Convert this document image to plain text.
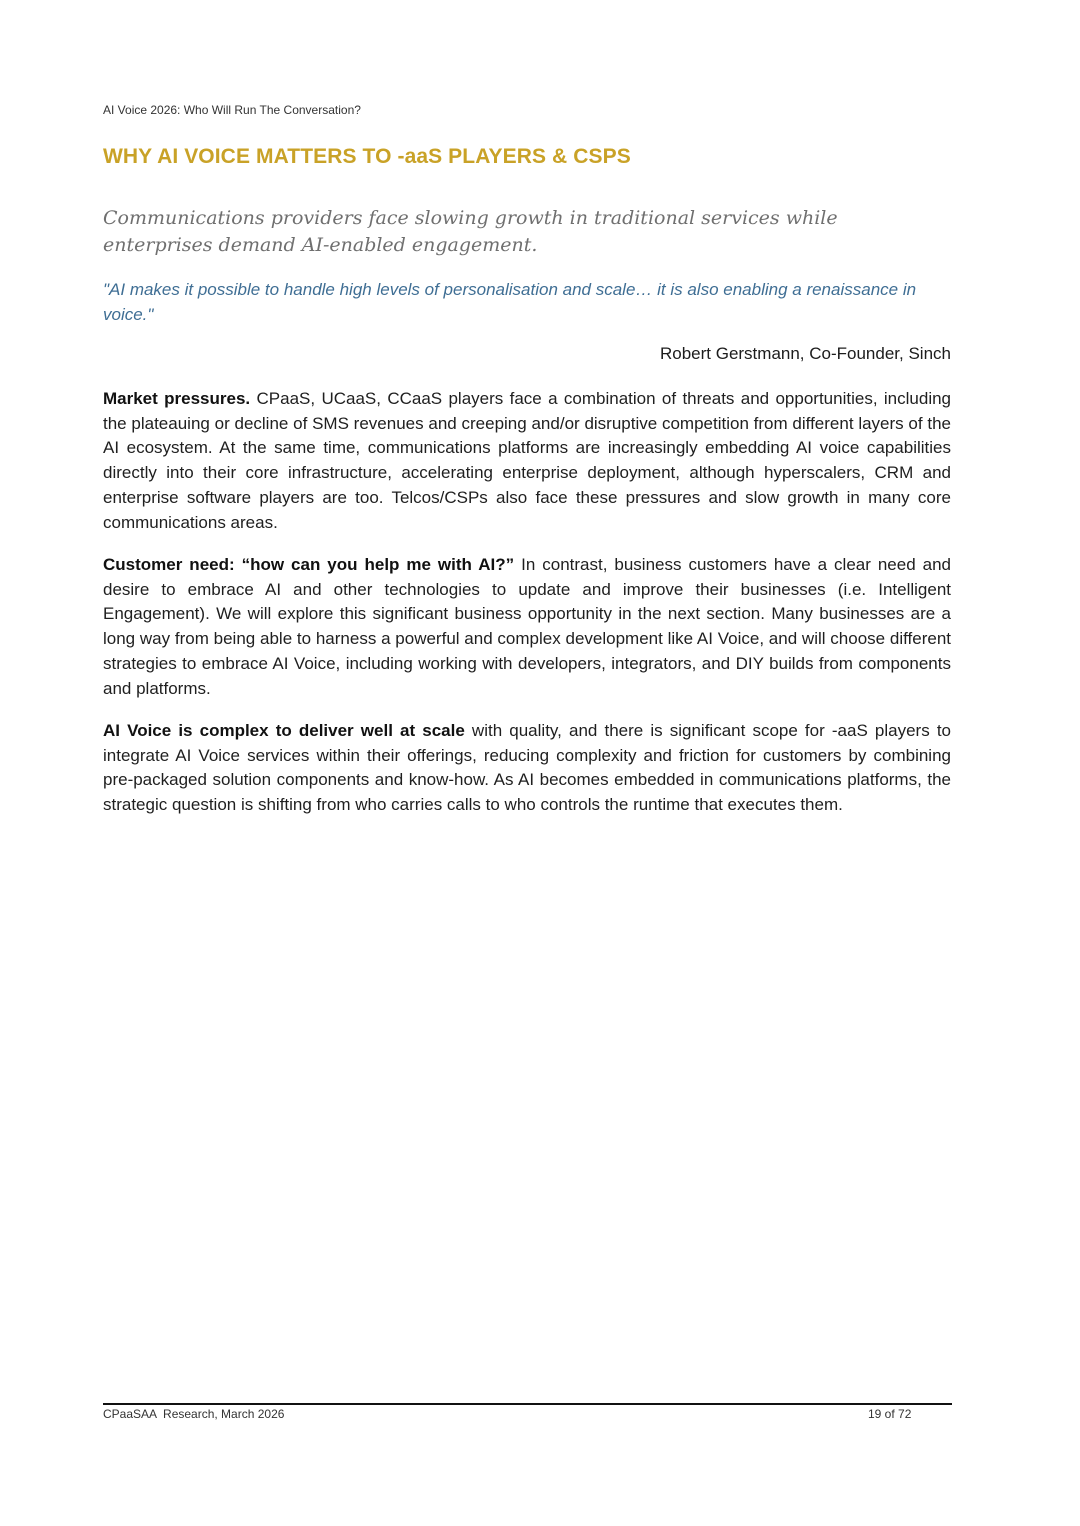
AI Voice 2026: Who Will Run The Conversation?
WHY AI VOICE MATTERS TO -aaS PLAYERS & CSPS

Communications providers face slowing growth in traditional services while enterprises demand AI-enabled engagement.

"AI makes it possible to handle high levels of personalisation and scale… it is also enabling a renaissance in voice."

Robert Gerstmann, Co-Founder, Sinch

Market pressures. CPaaS, UCaaS, CCaaS players face a combination of threats and opportunities, including the plateauing or decline of SMS revenues and creeping and/or disruptive competition from different layers of the AI ecosystem. At the same time, communications platforms are increasingly embedding AI voice capabilities directly into their core infrastructure, accelerating enterprise deployment, although hyperscalers, CRM and enterprise software players are too. Telcos/CSPs also face these pressures and slow growth in many core communications areas.

Customer need: “how can you help me with AI?” In contrast, business customers have a clear need and desire to embrace AI and other technologies to update and improve their businesses (i.e. Intelligent Engagement). We will explore this significant business opportunity in the next section. Many businesses are a long way from being able to harness a powerful and complex development like AI Voice, and will choose different strategies to embrace AI Voice, including working with developers, integrators, and DIY builds from components and platforms.

AI Voice is complex to deliver well at scale with quality, and there is significant scope for -aaS players to integrate AI Voice services within their offerings, reducing complexity and friction for customers by combining pre-packaged solution components and know-how. As AI becomes embedded in communications platforms, the strategic question is shifting from who carries calls to who controls the runtime that executes them.

CPaaSAA  Research, March 2026	19 of 72
